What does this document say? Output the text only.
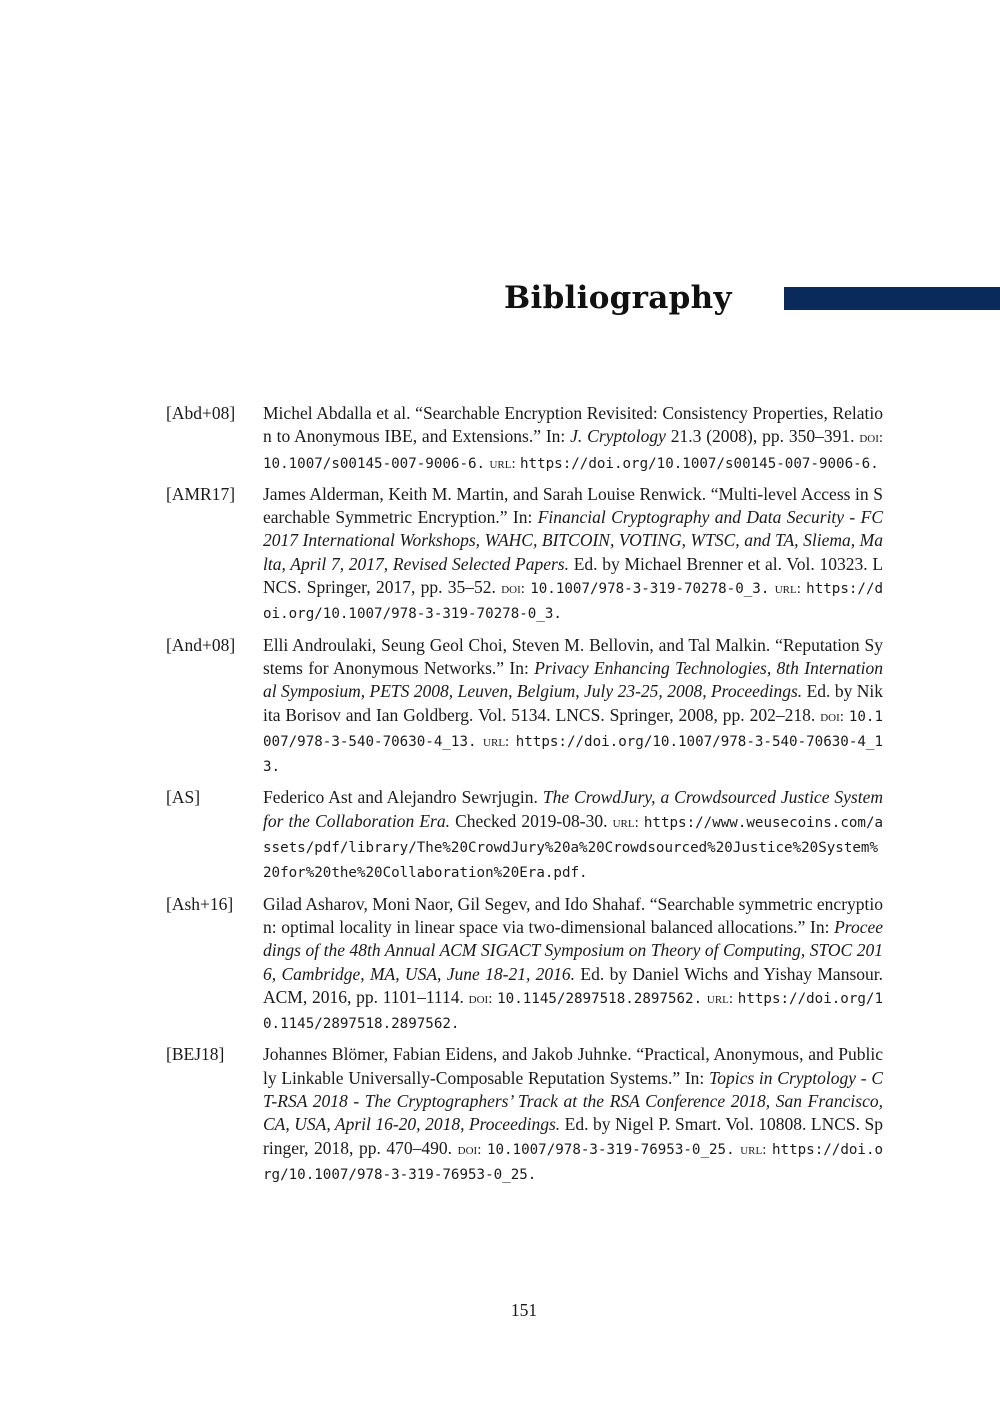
Bibliography
[Abd+08]	Michel Abdalla et al. “Searchable Encryption Revisited: Consistency Properties, Relation to Anonymous IBE, and Extensions.” In: J. Cryptology 21.3 (2008), pp. 350–391. doi: 10.1007/s00145-007-9006-6. url: https://doi.org/10.1007/s00145-007-9006-6.
[AMR17]	James Alderman, Keith M. Martin, and Sarah Louise Renwick. “Multi-level Access in Searchable Symmetric Encryption.” In: Financial Cryptography and Data Security - FC 2017 International Workshops, WAHC, BITCOIN, VOTING, WTSC, and TA, Sliema, Malta, April 7, 2017, Revised Selected Papers. Ed. by Michael Brenner et al. Vol. 10323. LNCS. Springer, 2017, pp. 35–52. doi: 10.1007/978-3-319-70278-0_3. url: https://doi.org/10.1007/978-3-319-70278-0_3.
[And+08]	Elli Androulaki, Seung Geol Choi, Steven M. Bellovin, and Tal Malkin. “Reputation Systems for Anonymous Networks.” In: Privacy Enhancing Technologies, 8th International Symposium, PETS 2008, Leuven, Belgium, July 23-25, 2008, Proceedings. Ed. by Nikita Borisov and Ian Goldberg. Vol. 5134. LNCS. Springer, 2008, pp. 202–218. doi: 10.1007/978-3-540-70630-4_13. url: https://doi.org/10.1007/978-3-540-70630-4_13.
[AS]	Federico Ast and Alejandro Sewrjugin. The CrowdJury, a Crowdsourced Justice System for the Collaboration Era. Checked 2019-08-30. url: https://www.weusecoins.com/assets/pdf/library/The%20CrowdJury%20a%20Crowdsourced%20Justice%20System%20for%20the%20Collaboration%20Era.pdf.
[Ash+16]	Gilad Asharov, Moni Naor, Gil Segev, and Ido Shahaf. “Searchable symmetric encryption: optimal locality in linear space via two-dimensional balanced allocations.” In: Proceedings of the 48th Annual ACM SIGACT Symposium on Theory of Computing, STOC 2016, Cambridge, MA, USA, June 18-21, 2016. Ed. by Daniel Wichs and Yishay Mansour. ACM, 2016, pp. 1101–1114. doi: 10.1145/2897518.2897562. url: https://doi.org/10.1145/2897518.2897562.
[BEJ18]	Johannes Blömer, Fabian Eidens, and Jakob Juhnke. “Practical, Anonymous, and Publicly Linkable Universally-Composable Reputation Systems.” In: Topics in Cryptology - CT-RSA 2018 - The Cryptographers’ Track at the RSA Conference 2018, San Francisco, CA, USA, April 16-20, 2018, Proceedings. Ed. by Nigel P. Smart. Vol. 10808. LNCS. Springer, 2018, pp. 470–490. doi: 10.1007/978-3-319-76953-0_25. url: https://doi.org/10.1007/978-3-319-76953-0_25.
151
